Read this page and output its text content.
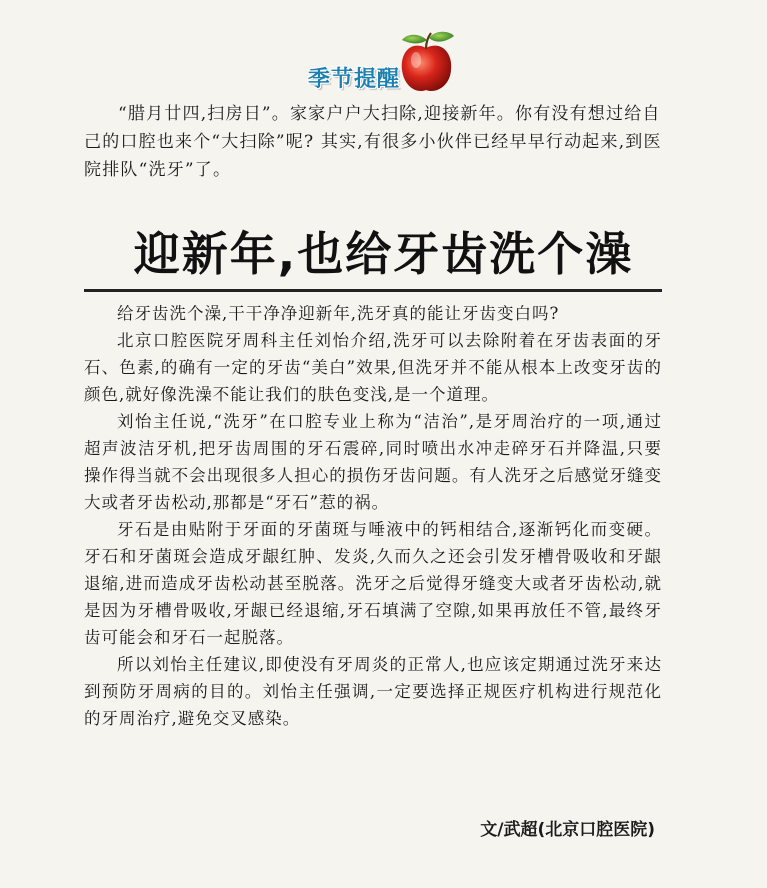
季节提醒

“腊月廿四,扫房日”。家家户户大扫除,迎接新年。你有没有想过给自己的口腔也来个“大扫除”呢? 其实,有很多小伙伴已经早早行动起来,到医院排队“洗牙”了。

迎新年,也给牙齿洗个澡

给牙齿洗个澡,干干净净迎新年,洗牙真的能让牙齿变白吗?

北京口腔医院牙周科主任刘怡介绍,洗牙可以去除附着在牙齿表面的牙石、色素,的确有一定的牙齿“美白”效果,但洗牙并不能从根本上改变牙齿的颜色,就好像洗澡不能让我们的肤色变浅,是一个道理。

刘怡主任说,“洗牙”在口腔专业上称为“洁治”,是牙周治疗的一项,通过超声波洁牙机,把牙齿周围的牙石震碎,同时喷出水冲走碎牙石并降温,只要操作得当就不会出现很多人担心的损伤牙齿问题。有人洗牙之后感觉牙缝变大或者牙齿松动,那都是“牙石”惹的祸。

牙石是由贴附于牙面的牙菌斑与唾液中的钙相结合,逐渐钙化而变硬。牙石和牙菌斑会造成牙龈红肿、发炎,久而久之还会引发牙槽骨吸收和牙龈退缩,进而造成牙齿松动甚至脱落。洗牙之后觉得牙缝变大或者牙齿松动,就是因为牙槽骨吸收,牙龈已经退缩,牙石填满了空隙,如果再放任不管,最终牙齿可能会和牙石一起脱落。

所以刘怡主任建议,即使没有牙周炎的正常人,也应该定期通过洗牙来达到预防牙周病的目的。刘怡主任强调,一定要选择正规医疗机构进行规范化的牙周治疗,避免交叉感染。

文/武超(北京口腔医院)
